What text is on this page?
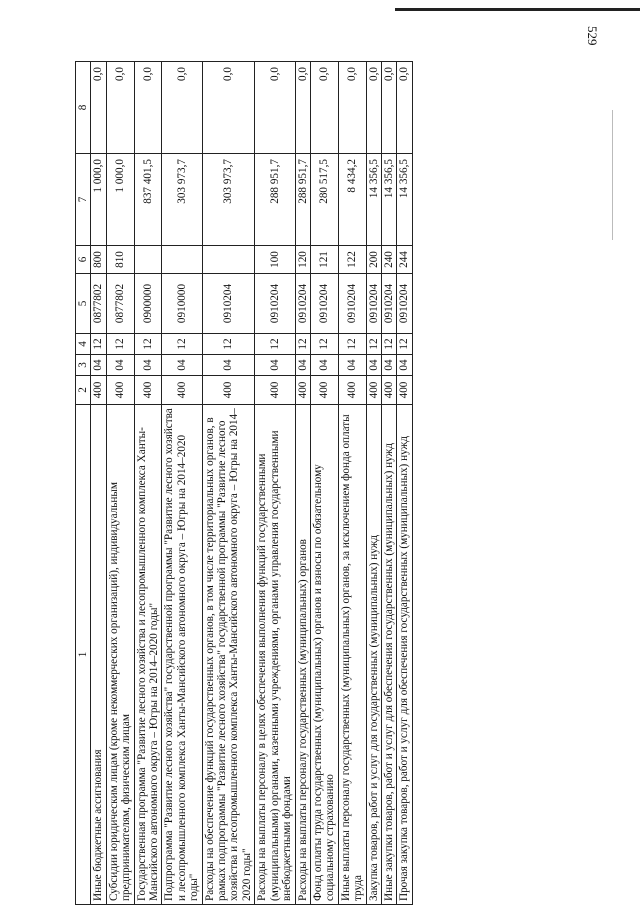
529
1	2	3	4	5	6	7	8
Иные бюджетные ассигнования	400	04	12	0877802	800	1 000,0	0,0
Субсидии юридическим лицам (кроме некоммерческих организаций), индивидуальным предпринимателям, физическим лицам	400	04	12	0877802	810	1 000,0	0,0
Государственная программа "Развитие лесного хозяйства и лесопромышленного комплекса Ханты-Мансийского автономного округа – Югры на 2014–2020 годы"	400	04	12	0900000		837 401,5	0,0
Подпрограмма "Развитие лесного хозяйства" государственной программы "Развитие лесного хозяйства и лесопромышленного комплекса Ханты-Мансийского автономного округа – Югры на 2014–2020 годы"	400	04	12	0910000		303 973,7	0,0
Расходы на обеспечение функций государственных органов, в том числе территориальных органов, в рамках подпрограммы "Развитие лесного хозяйства" государственной программы "Развитие лесного хозяйства и лесопромышленного комплекса Ханты-Мансийского автономного округа – Югры на 2014–2020 годы"	400	04	12	0910204		303 973,7	0,0
Расходы на выплаты персоналу в целях обеспечения выполнения функций государственными (муниципальными) органами, казенными учреждениями, органами управления государственными внебюджетными фондами	400	04	12	0910204	100	288 951,7	0,0
Расходы на выплаты персоналу государственных (муниципальных) органов	400	04	12	0910204	120	288 951,7	0,0
Фонд оплаты труда государственных (муниципальных) органов и взносы по обязательному социальному страхованию	400	04	12	0910204	121	280 517,5	0,0
Иные выплаты персоналу государственных (муниципальных) органов, за исключением фонда оплаты труда	400	04	12	0910204	122	8 434,2	0,0
Закупка товаров, работ и услуг для государственных (муниципальных) нужд	400	04	12	0910204	200	14 356,5	0,0
Иные закупки товаров, работ и услуг для обеспечения государственных (муниципальных) нужд	400	04	12	0910204	240	14 356,5	0,0
Прочая закупка товаров, работ и услуг для обеспечения государственных (муниципальных) нужд	400	04	12	0910204	244	14 356,5	0,0
